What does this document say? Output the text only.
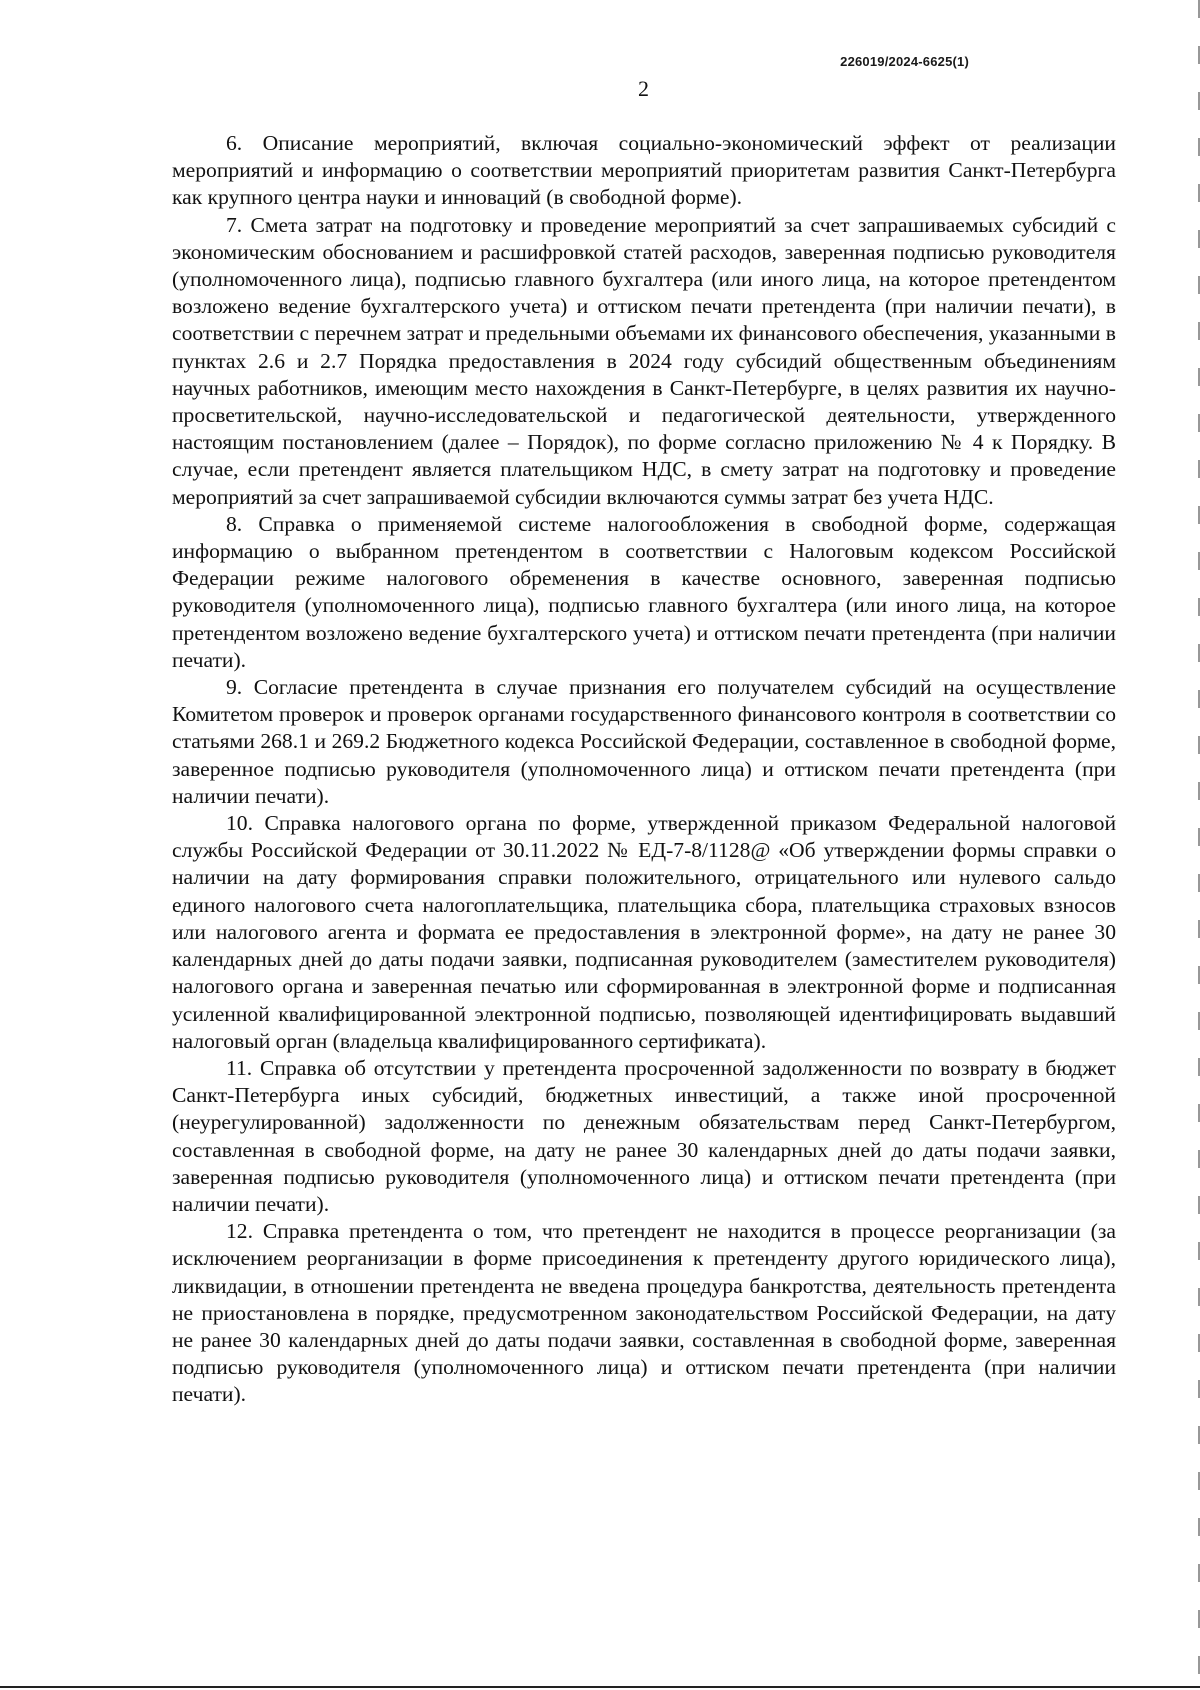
226019/2024-6625(1)
2

6. Описание мероприятий, включая социально-экономический эффект от реализации мероприятий и информацию о соответствии мероприятий приоритетам развития Санкт-Петербурга как крупного центра науки и инноваций (в свободной форме).

7. Смета затрат на подготовку и проведение мероприятий за счет запрашиваемых субсидий с экономическим обоснованием и расшифровкой статей расходов, заверенная подписью руководителя (уполномоченного лица), подписью главного бухгалтера (или иного лица, на которое претендентом возложено ведение бухгалтерского учета) и оттиском печати претендента (при наличии печати), в соответствии с перечнем затрат и предельными объемами их финансового обеспечения, указанными в пунктах 2.6 и 2.7 Порядка предоставления в 2024 году субсидий общественным объединениям научных работников, имеющим место нахождения в Санкт-Петербурге, в целях развития их научно-просветительской, научно-исследовательской и педагогической деятельности, утвержденного настоящим постановлением (далее – Порядок), по форме согласно приложению № 4 к Порядку. В случае, если претендент является плательщиком НДС, в смету затрат на подготовку и проведение мероприятий за счет запрашиваемой субсидии включаются суммы затрат без учета НДС.

8. Справка о применяемой системе налогообложения в свободной форме, содержащая информацию о выбранном претендентом в соответствии с Налоговым кодексом Российской Федерации режиме налогового обременения в качестве основного, заверенная подписью руководителя (уполномоченного лица), подписью главного бухгалтера (или иного лица, на которое претендентом возложено ведение бухгалтерского учета) и оттиском печати претендента (при наличии печати).

9. Согласие претендента в случае признания его получателем субсидий на осуществление Комитетом проверок и проверок органами государственного финансового контроля в соответствии со статьями 268.1 и 269.2 Бюджетного кодекса Российской Федерации, составленное в свободной форме, заверенное подписью руководителя (уполномоченного лица) и оттиском печати претендента (при наличии печати).

10. Справка налогового органа по форме, утвержденной приказом Федеральной налоговой службы Российской Федерации от 30.11.2022 № ЕД-7-8/1128@ «Об утверждении формы справки о наличии на дату формирования справки положительного, отрицательного или нулевого сальдо единого налогового счета налогоплательщика, плательщика сбора, плательщика страховых взносов или налогового агента и формата ее предоставления в электронной форме», на дату не ранее 30 календарных дней до даты подачи заявки, подписанная руководителем (заместителем руководителя) налогового органа и заверенная печатью или сформированная в электронной форме и подписанная усиленной квалифицированной электронной подписью, позволяющей идентифицировать выдавший налоговый орган (владельца квалифицированного сертификата).

11. Справка об отсутствии у претендента просроченной задолженности по возврату в бюджет Санкт-Петербурга иных субсидий, бюджетных инвестиций, а также иной просроченной (неурегулированной) задолженности по денежным обязательствам перед Санкт-Петербургом, составленная в свободной форме, на дату не ранее 30 календарных дней до даты подачи заявки, заверенная подписью руководителя (уполномоченного лица) и оттиском печати претендента (при наличии печати).

12. Справка претендента о том, что претендент не находится в процессе реорганизации (за исключением реорганизации в форме присоединения к претенденту другого юридического лица), ликвидации, в отношении претендента не введена процедура банкротства, деятельность претендента не приостановлена в порядке, предусмотренном законодательством Российской Федерации, на дату не ранее 30 календарных дней до даты подачи заявки, составленная в свободной форме, заверенная подписью руководителя (уполномоченного лица) и оттиском печати претендента (при наличии печати).
